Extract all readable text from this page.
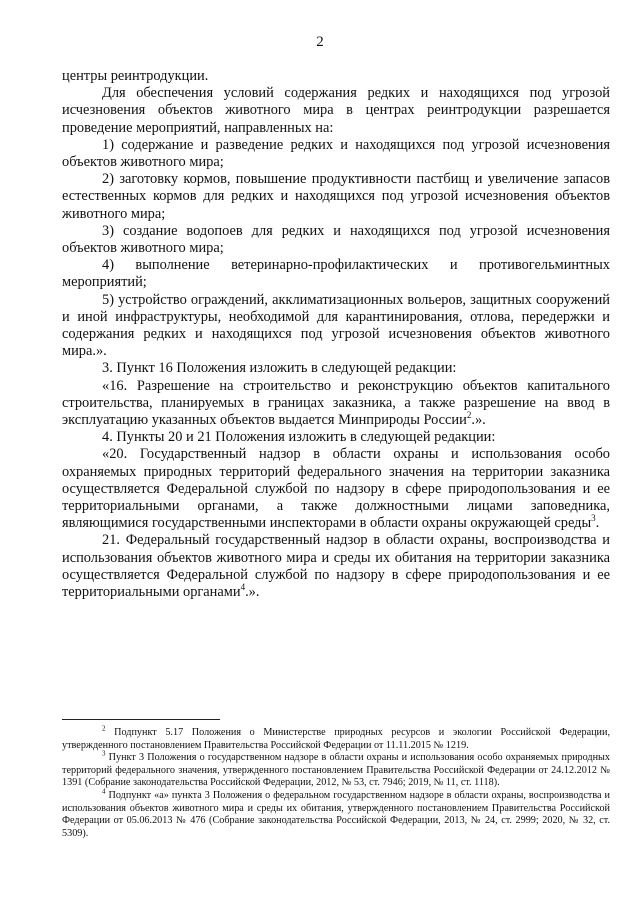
2

центры реинтродукции.

Для обеспечения условий содержания редких и находящихся под угрозой исчезновения объектов животного мира в центрах реинтродукции разрешается проведение мероприятий, направленных на:

1) содержание и разведение редких и находящихся под угрозой исчезновения объектов животного мира;

2) заготовку кормов, повышение продуктивности пастбищ и увеличение запасов естественных кормов для редких и находящихся под угрозой исчезновения объектов животного мира;

3) создание водопоев для редких и находящихся под угрозой исчезновения объектов животного мира;

4) выполнение ветеринарно-профилактических и противогельминтных мероприятий;

5) устройство ограждений, акклиматизационных вольеров, защитных сооружений и иной инфраструктуры, необходимой для карантинирования, отлова, передержки и содержания редких и находящихся под угрозой исчезновения объектов животного мира.».

3. Пункт 16 Положения изложить в следующей редакции:

«16. Разрешение на строительство и реконструкцию объектов капитального строительства, планируемых в границах заказника, а также разрешение на ввод в эксплуатацию указанных объектов выдается Минприроды России$^2$.».

4. Пункты 20 и 21 Положения изложить в следующей редакции:

«20. Государственный надзор в области охраны и использования особо охраняемых природных территорий федерального значения на территории заказника осуществляется Федеральной службой по надзору в сфере природопользования и ее территориальными органами, а также должностными лицами заповедника, являющимися государственными инспекторами в области охраны окружающей среды$^3$.

21. Федеральный государственный надзор в области охраны, воспроизводства и использования объектов животного мира и среды их обитания на территории заказника осуществляется Федеральной службой по надзору в сфере природопользования и ее территориальными органами$^4$.».

$^2$ Подпункт 5.17 Положения о Министерстве природных ресурсов и экологии Российской Федерации, утвержденного постановлением Правительства Российской Федерации от 11.11.2015 № 1219.

$^3$ Пункт 3 Положения о государственном надзоре в области охраны и использования особо охраняемых природных территорий федерального значения, утвержденного постановлением Правительства Российской Федерации от 24.12.2012 № 1391 (Собрание законодательства Российской Федерации, 2012, № 53, ст. 7946; 2019, № 11, ст. 1118).

$^4$ Подпункт «а» пункта 3 Положения о федеральном государственном надзоре в области охраны, воспроизводства и использования объектов животного мира и среды их обитания, утвержденного постановлением Правительства Российской Федерации от 05.06.2013 № 476 (Собрание законодательства Российской Федерации, 2013, № 24, ст. 2999; 2020, № 32, ст. 5309).
